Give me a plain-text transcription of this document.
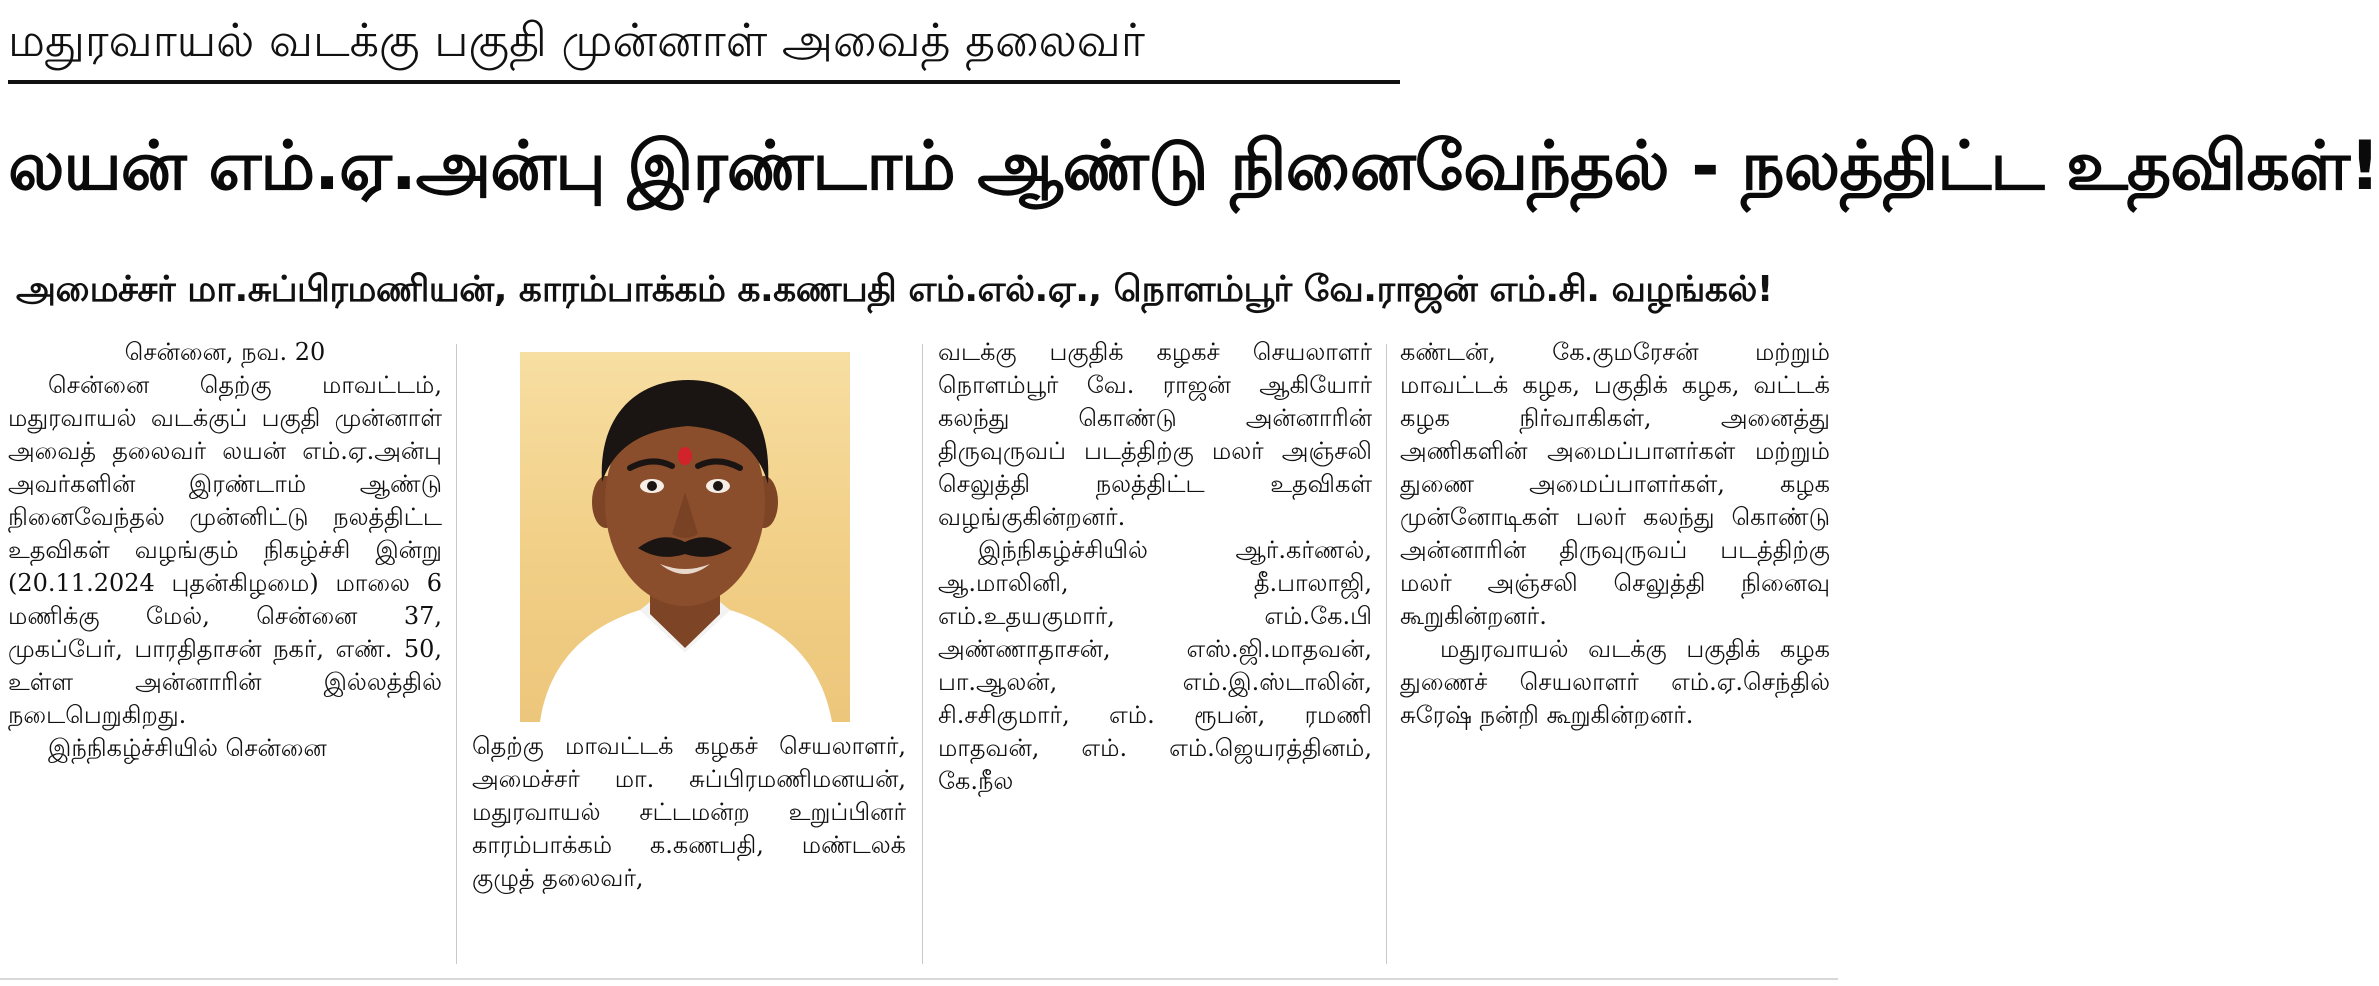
மதுரவாயல் வடக்கு பகுதி முன்னாள் அவைத் தலைவர்
லயன் எம்.ஏ.அன்பு இரண்டாம் ஆண்டு நினைவேந்தல் - நலத்திட்ட உதவிகள்!
அமைச்சர் மா.சுப்பிரமணியன், காரம்பாக்கம் க.கணபதி எம்.எல்.ஏ., நொளம்பூர் வே.ராஜன் எம்.சி. வழங்கல்!

சென்னை, நவ. 20

சென்னை தெற்கு மாவட்டம், மதுரவாயல் வடக்குப் பகுதி முன்னாள் அவைத் தலைவர் லயன் எம்.ஏ.அன்பு அவர்களின் இரண்டாம் ஆண்டு நினைவேந்தல் முன்னிட்டு நலத்திட்ட உதவிகள் வழங்கும் நிகழ்ச்சி இன்று (20.11.2024 புதன்கிழமை) மாலை 6 மணிக்கு மேல், சென்னை 37, முகப்பேர், பாரதிதாசன் நகர், எண். 50, உள்ள அன்னாரின் இல்லத்தில் நடைபெறுகிறது.

இந்நிகழ்ச்சியில் சென்னை	தெற்கு மாவட்டக் கழகச் செயலாளர், அமைச்சர் மா. சுப்பிரமணிமனயன், மதுரவாயல் சட்டமன்ற உறுப்பினர் காரம்பாக்கம் க.கணபதி, மண்டலக் குழுத் தலைவர்,

வடக்கு பகுதிக் கழகச் செயலாளர் நொளம்பூர் வே. ராஜன் ஆகியோர் கலந்து கொண்டு அன்னாரின் திருவுருவப் படத்திற்கு மலர் அஞ்சலி செலுத்தி நலத்திட்ட உதவிகள் வழங்குகின்றனர்.

இந்நிகழ்ச்சியில் ஆர்.கர்ணல், ஆ.மாலினி, தீ.பாலாஜி, எம்.உதயகுமார், எம்.கே.பி அண்ணாதாசன், எஸ்.ஜி.மாதவன், பா.ஆலன், எம்.இ.ஸ்டாலின், சி.சசிகுமார், எம். ரூபன், ரமணி மாதவன், எம். எம்.ஜெயரத்தினம், கே.நீல

கண்டன், கே.குமரேசன் மற்றும் மாவட்டக் கழக, பகுதிக் கழக, வட்டக் கழக நிர்வாகிகள், அனைத்து அணிகளின் அமைப்பாளர்கள் மற்றும் துணை அமைப்பாளர்கள், கழக முன்னோடிகள் பலர் கலந்து கொண்டு அன்னாரின் திருவுருவப் படத்திற்கு மலர் அஞ்சலி செலுத்தி நினைவு கூறுகின்றனர்.

மதுரவாயல் வடக்கு பகுதிக் கழக துணைச் செயலாளர் எம்.ஏ.செந்தில் சுரேஷ் நன்றி கூறுகின்றனர்.
